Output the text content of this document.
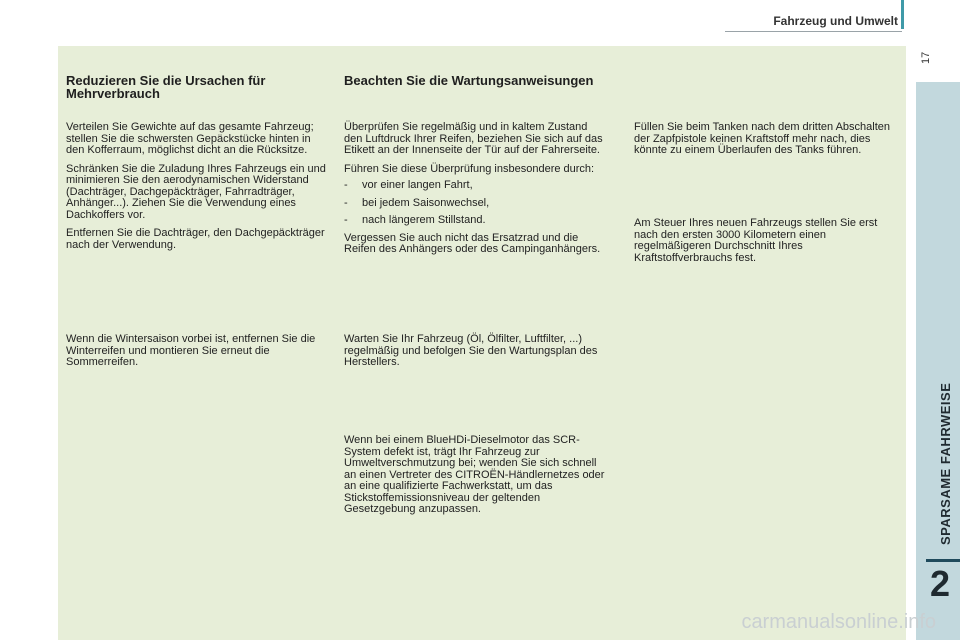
Fahrzeug und Umwelt
17
SPARSAME FAHRWEISE
2
Reduzieren Sie die Ursachen für Mehrverbrauch

Verteilen Sie Gewichte auf das gesamte Fahrzeug; stellen Sie die schwersten Gepäckstücke hinten in den Kofferraum, möglichst dicht an die Rücksitze.

Schränken Sie die Zuladung Ihres Fahrzeugs ein und minimieren Sie den aerodynamischen Widerstand (Dachträger, Dachgepäckträger, Fahrradträger, Anhänger...). Ziehen Sie die Verwendung eines Dachkoffers vor.

Entfernen Sie die Dachträger, den Dachgepäckträger nach der Verwendung.

Wenn die Wintersaison vorbei ist, entfernen Sie die Winterreifen und montieren Sie erneut die Sommerreifen.

Beachten Sie die Wartungsanweisungen

Überprüfen Sie regelmäßig und in kaltem Zustand den Luftdruck Ihrer Reifen, beziehen Sie sich auf das Etikett an der Innenseite der Tür auf der Fahrerseite.

Führen Sie diese Überprüfung insbesondere durch:

- vor einer langen Fahrt,
- bei jedem Saisonwechsel,
- nach längerem Stillstand.

Vergessen Sie auch nicht das Ersatzrad und die Reifen des Anhängers oder des Campinganhängers.

Warten Sie Ihr Fahrzeug (Öl, Ölfilter, Luftfilter, ...) regelmäßig und befolgen Sie den Wartungsplan des Herstellers.

Wenn bei einem BlueHDi-Dieselmotor das SCR-System defekt ist, trägt Ihr Fahrzeug zur Umweltverschmutzung bei; wenden Sie sich schnell an einen Vertreter des CITROËN-Händlernetzes oder an eine qualifizierte Fachwerkstatt, um das Stickstoffemissionsniveau der geltenden Gesetzgebung anzupassen.

Füllen Sie beim Tanken nach dem dritten Abschalten der Zapfpistole keinen Kraftstoff mehr nach, dies könnte zu einem Überlaufen des Tanks führen.

Am Steuer Ihres neuen Fahrzeugs stellen Sie erst nach den ersten 3000 Kilometern einen regelmäßigeren Durchschnitt Ihres Kraftstoffverbrauchs fest.

carmanualsonline.info
